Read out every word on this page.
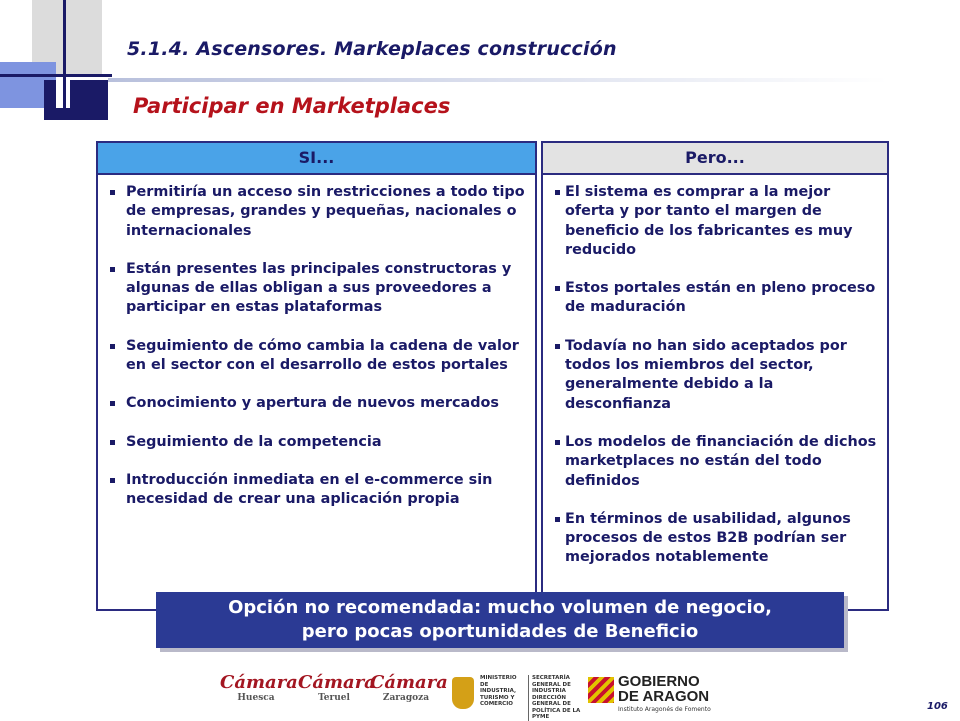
5.1.4. Ascensores. Markeplaces construcción
Participar en Marketplaces
SI...
Permitiría un acceso sin restricciones a todo tipo de empresas, grandes y pequeñas, nacionales o internacionales
Están presentes las principales constructoras y algunas de ellas obligan a sus proveedores a participar en estas plataformas
Seguimiento de cómo cambia la cadena de valor en el sector con el desarrollo de estos portales
Conocimiento y apertura de nuevos mercados
Seguimiento de la competencia
Introducción inmediata en el e-commerce sin necesidad de crear una aplicación propia
Pero...
El sistema es comprar a la mejor oferta y por tanto el margen de beneficio de los fabricantes es muy reducido
Estos portales están en pleno proceso de maduración
Todavía no han sido aceptados por todos los miembros del sector, generalmente debido a la desconfianza
Los modelos de financiación de dichos marketplaces no están del todo definidos
En términos de usabilidad, algunos procesos de estos B2B podrían ser mejorados notablemente
Opción no recomendada: mucho volumen de negocio,
pero pocas oportunidades de Beneficio
Cámara
Huesca
Cámara
Teruel
Cámara
Zaragoza
MINISTERIO DE INDUSTRIA, TURISMO Y COMERCIO
SECRETARÍA GENERAL DE INDUSTRIA DIRECCIÓN GENERAL DE POLÍTICA DE LA PYME
GOBIERNO
DE ARAGON
Instituto Aragonés de Fomento	106
